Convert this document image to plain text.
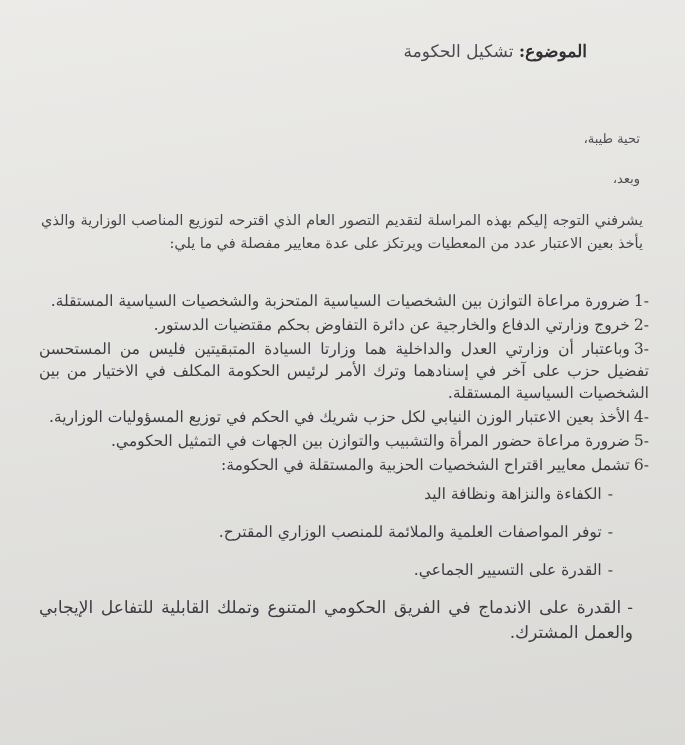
الموضوع: تشكيل الحكومة
تحية طيبة،
وبعد،

يشرفني التوجه إليكم بهذه المراسلة لتقديم التصور العام الذي اقترحه لتوزيع المناصب الوزارية والذي يأخذ بعين الاعتبار عدد من المعطيات ويرتكز على عدة معايير مفصلة في ما يلي:

-1ضرورة مراعاة التوازن بين الشخصيات السياسية المتحزبة والشخصيات السياسية المستقلة.
-2خروج وزارتي الدفاع والخارجية عن دائرة التفاوض بحكم مقتضيات الدستور.
-3وباعتبار أن وزارتي العدل والداخلية هما وزارتا السيادة المتبقيتين فليس من المستحسن تفضيل حزب على آخر في إسنادهما وترك الأمر لرئيس الحكومة المكلف في الاختيار من بين الشخصيات السياسية المستقلة.
-4الأخذ بعين الاعتبار الوزن النيابي لكل حزب شريك في الحكم في توزيع المسؤوليات الوزارية.
-5ضرورة مراعاة حضور المرأة والتشبيب والتوازن بين الجهات في التمثيل الحكومي.
-6تشمل معايير اقتراح الشخصيات الحزبية والمستقلة في الحكومة:
-الكفاءة والنزاهة ونظافة اليد
-توفر المواصفات العلمية والملائمة للمنصب الوزاري المقترح.
-القدرة على التسيير الجماعي.
-القدرة على الاندماج في الفريق الحكومي المتنوع وتملك القابلية للتفاعل الإيجابي والعمل المشترك.
